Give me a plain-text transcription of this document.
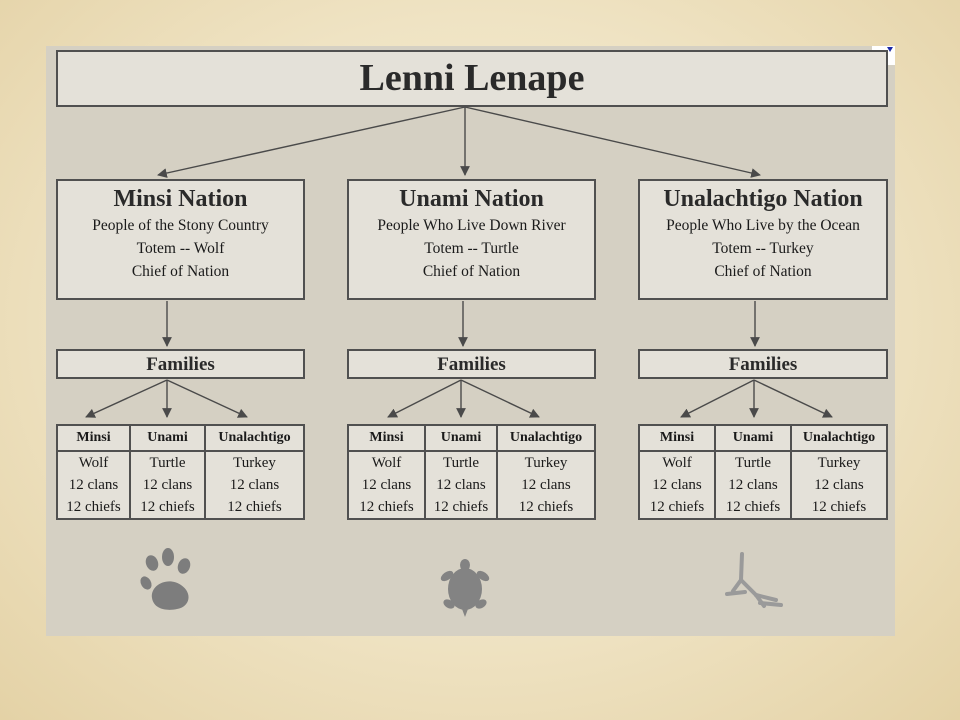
Lenni Lenape
Minsi Nation
People of the Stony Country
Totem -- Wolf
Chief of Nation
Unami Nation
People Who Live Down River
Totem -- Turtle
Chief of Nation
Unalachtigo Nation
People Who Live by the Ocean
Totem -- Turkey
Chief of Nation
Families	Families	Families
Minsi	Unami	Unalachtigo
Wolf	Turtle	Turkey
12 clans	12 clans	12 clans
12 chiefs	12 chiefs	12 chiefs
Minsi	Unami	Unalachtigo
Wolf	Turtle	Turkey
12 clans	12 clans	12 clans
12 chiefs	12 chiefs	12 chiefs
Minsi	Unami	Unalachtigo
Wolf	Turtle	Turkey
12 clans	12 clans	12 clans
12 chiefs	12 chiefs	12 chiefs
